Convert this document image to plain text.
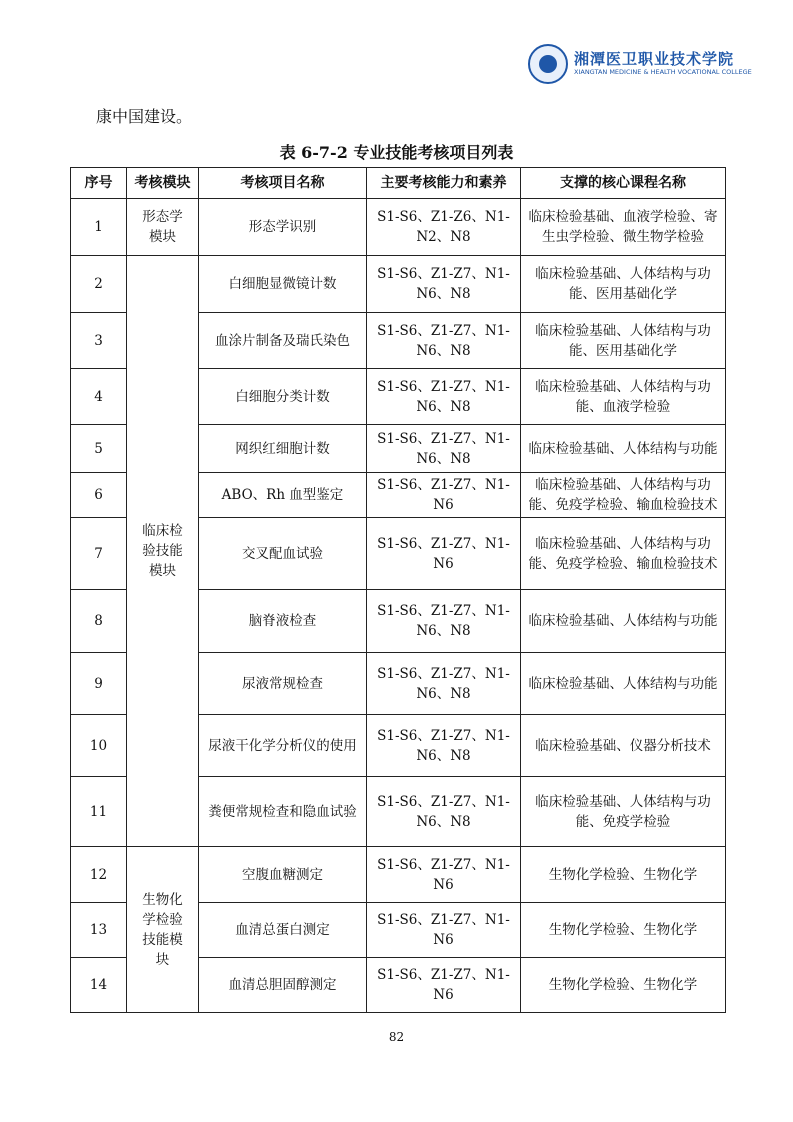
湘潭医卫职业技术学院
XIANGTAN MEDICINE & HEALTH VOCATIONAL COLLEGE
康中国建设。
表 6-7-2 专业技能考核项目列表
序号	考核模块	考核项目名称	主要考核能力和素养	支撑的核心课程名称
1	形态学模块	形态学识别	S1-S6、Z1-Z6、N1-N2、N8	临床检验基础、血液学检验、寄生虫学检验、微生物学检验
2	临床检验技能模块	白细胞显微镜计数	S1-S6、Z1-Z7、N1-N6、N8	临床检验基础、人体结构与功能、医用基础化学
3		血涂片制备及瑞氏染色	S1-S6、Z1-Z7、N1-N6、N8	临床检验基础、人体结构与功能、医用基础化学
4		白细胞分类计数	S1-S6、Z1-Z7、N1-N6、N8	临床检验基础、人体结构与功能、血液学检验
5		网织红细胞计数	S1-S6、Z1-Z7、N1-N6、N8	临床检验基础、人体结构与功能
6		ABO、Rh 血型鉴定	S1-S6、Z1-Z7、N1-N6	临床检验基础、人体结构与功能、免疫学检验、输血检验技术
7		交叉配血试验	S1-S6、Z1-Z7、N1-N6	临床检验基础、人体结构与功能、免疫学检验、输血检验技术
8		脑脊液检查	S1-S6、Z1-Z7、N1-N6、N8	临床检验基础、人体结构与功能
9		尿液常规检查	S1-S6、Z1-Z7、N1-N6、N8	临床检验基础、人体结构与功能
10		尿液干化学分析仪的使用	S1-S6、Z1-Z7、N1-N6、N8	临床检验基础、仪器分析技术
11		粪便常规检查和隐血试验	S1-S6、Z1-Z7、N1-N6、N8	临床检验基础、人体结构与功能、免疫学检验
12	生物化学检验技能模块	空腹血糖测定	S1-S6、Z1-Z7、N1-N6	生物化学检验、生物化学
13		血清总蛋白测定	S1-S6、Z1-Z7、N1-N6	生物化学检验、生物化学
14		血清总胆固醇测定	S1-S6、Z1-Z7、N1-N6	生物化学检验、生物化学
82
